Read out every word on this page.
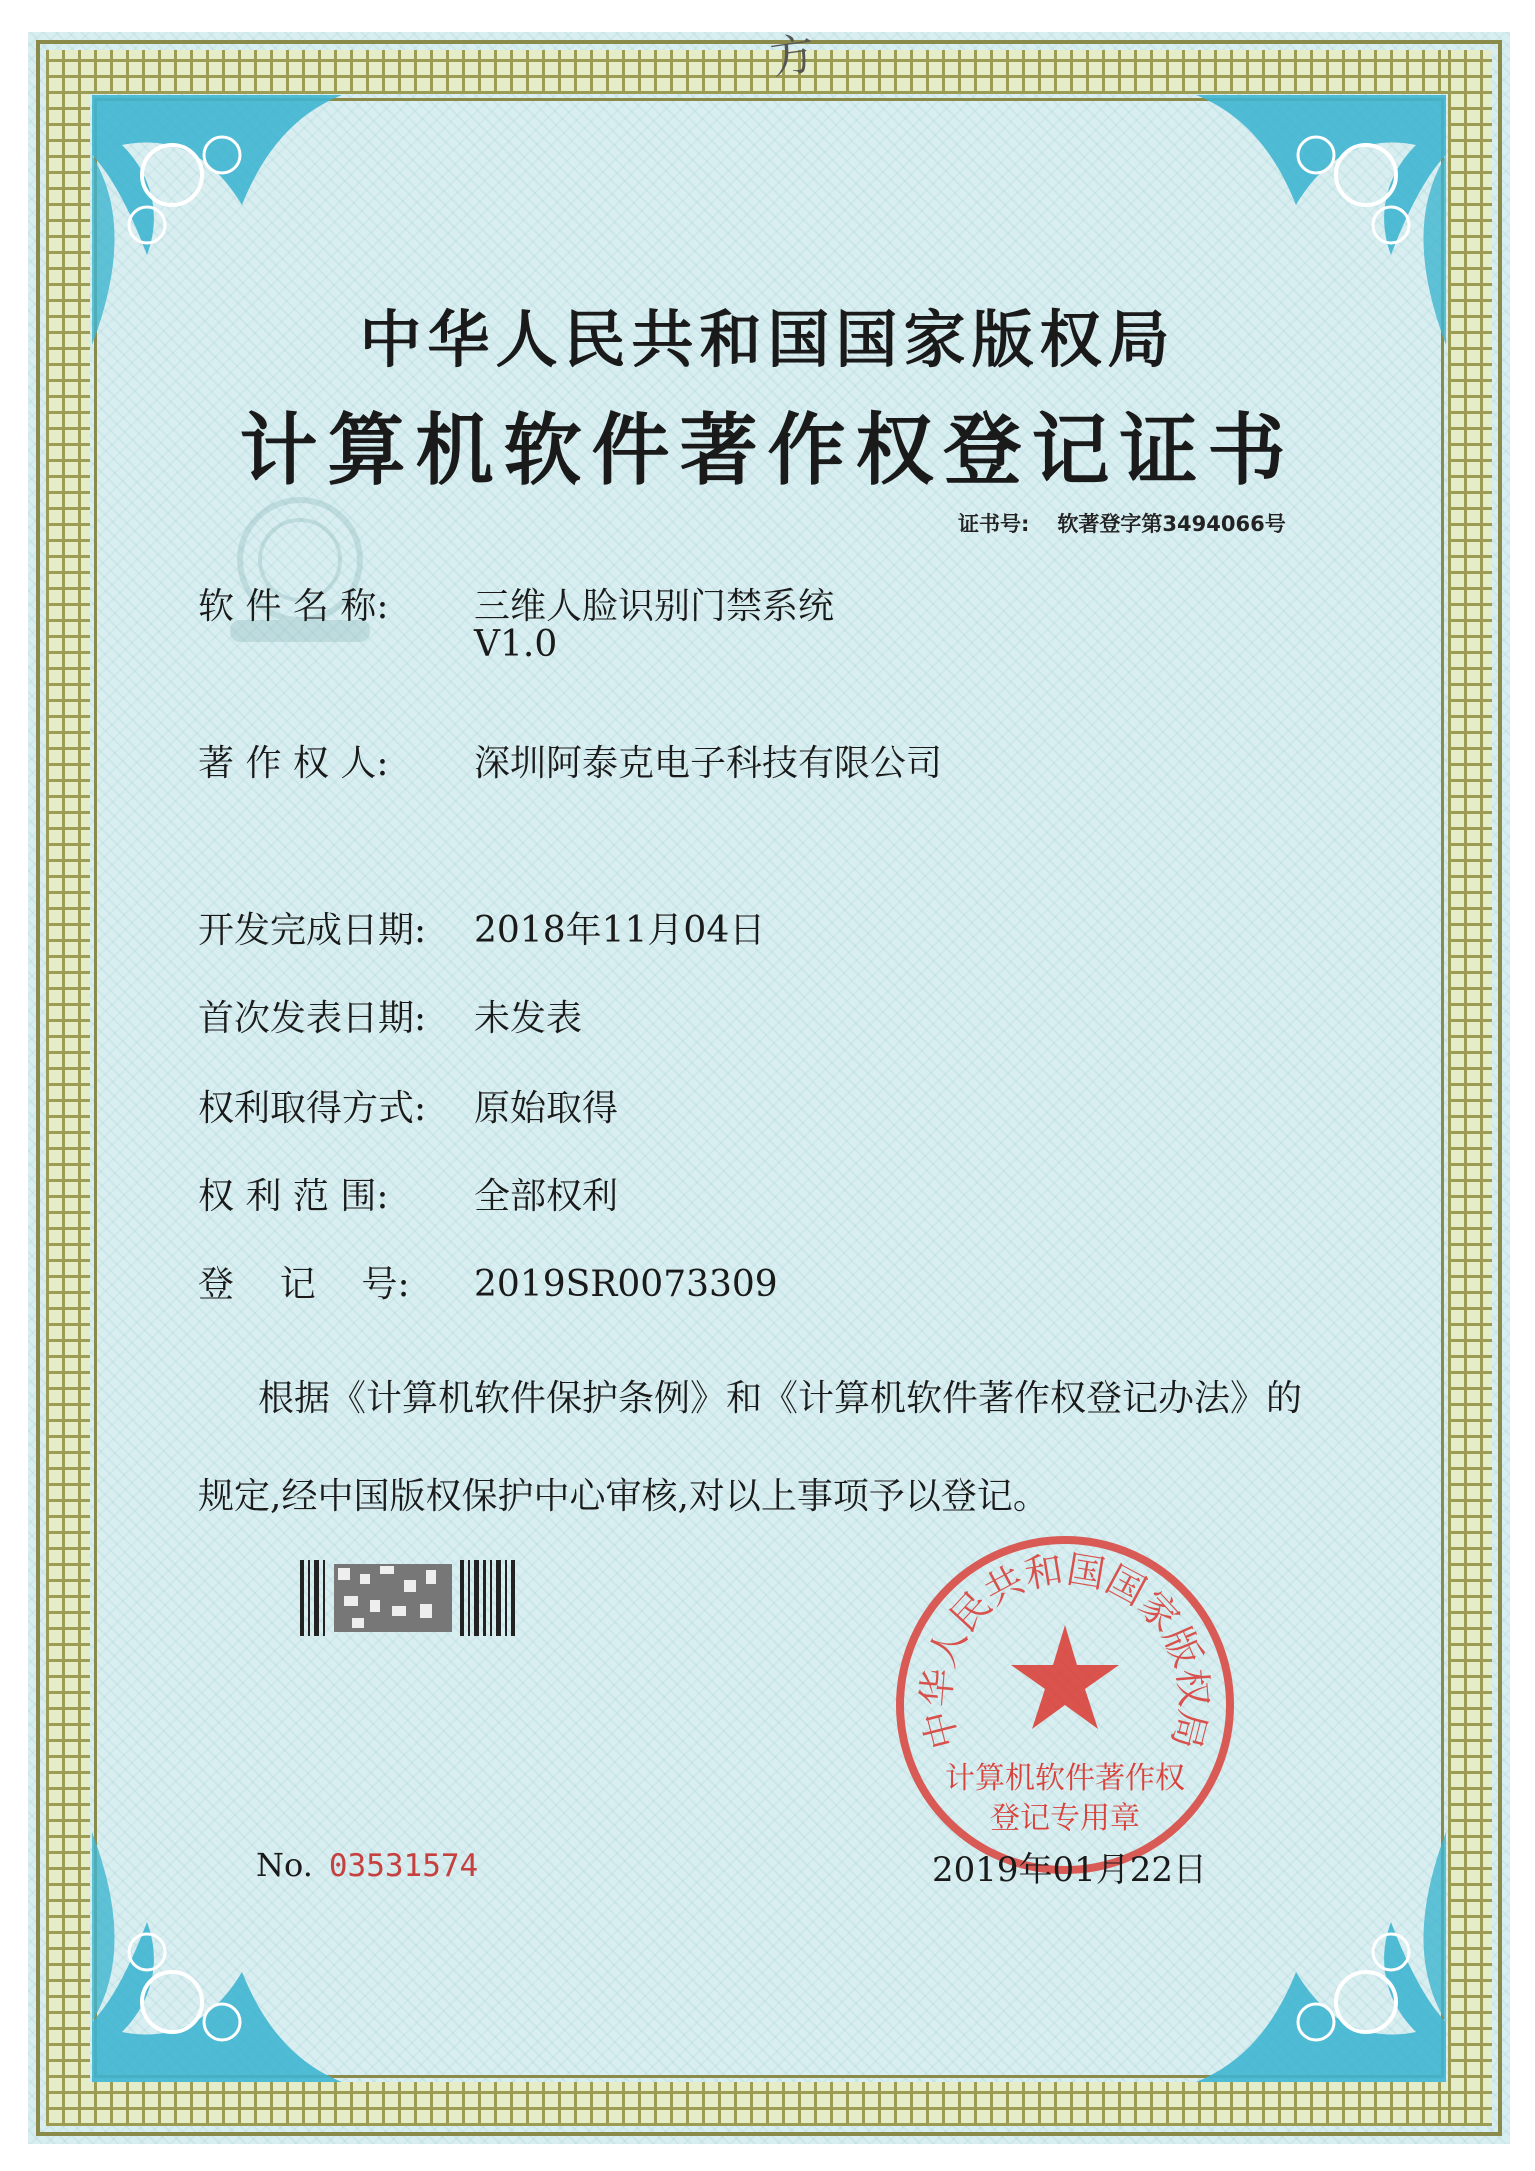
方
中华人民共和国国家版权局
计算机软件著作权登记证书
证书号: 软著登字第3494066号
软 件 名 称: 三维人脸识别门禁系统
V1.0
著 作 权 人: 深圳阿泰克电子科技有限公司
开发完成日期: 2018年11月04日
首次发表日期: 未发表
权利取得方式: 原始取得
权 利 范 围: 全部权利
登    记    号: 2019SR0073309
根据《计算机软件保护条例》和《计算机软件著作权登记办法》的
规定,经中国版权保护中心审核,对以上事项予以登记。
中华人民共和国国家版权局
计算机软件著作权
登记专用章
No. 03531574	2019年01月22日
